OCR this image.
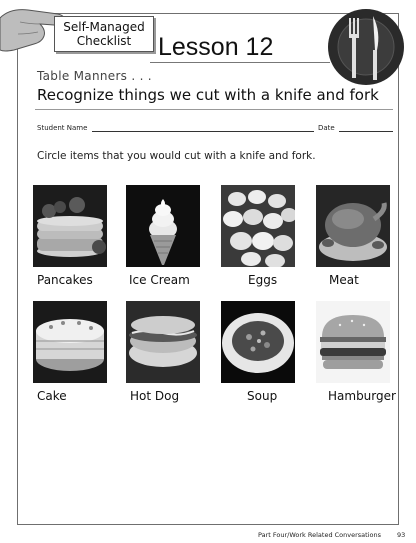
Self-Managed
Checklist	Lesson 12
Table Manners . . .
Recognize things we cut with a knife and fork
Student Name	Date
Circle items that you would cut with a knife and fork.
Pancakes	Ice Cream	Eggs	Meat
Cake	Hot Dog	Soup	Hamburger
Part Four/Work Related Conversations 93
